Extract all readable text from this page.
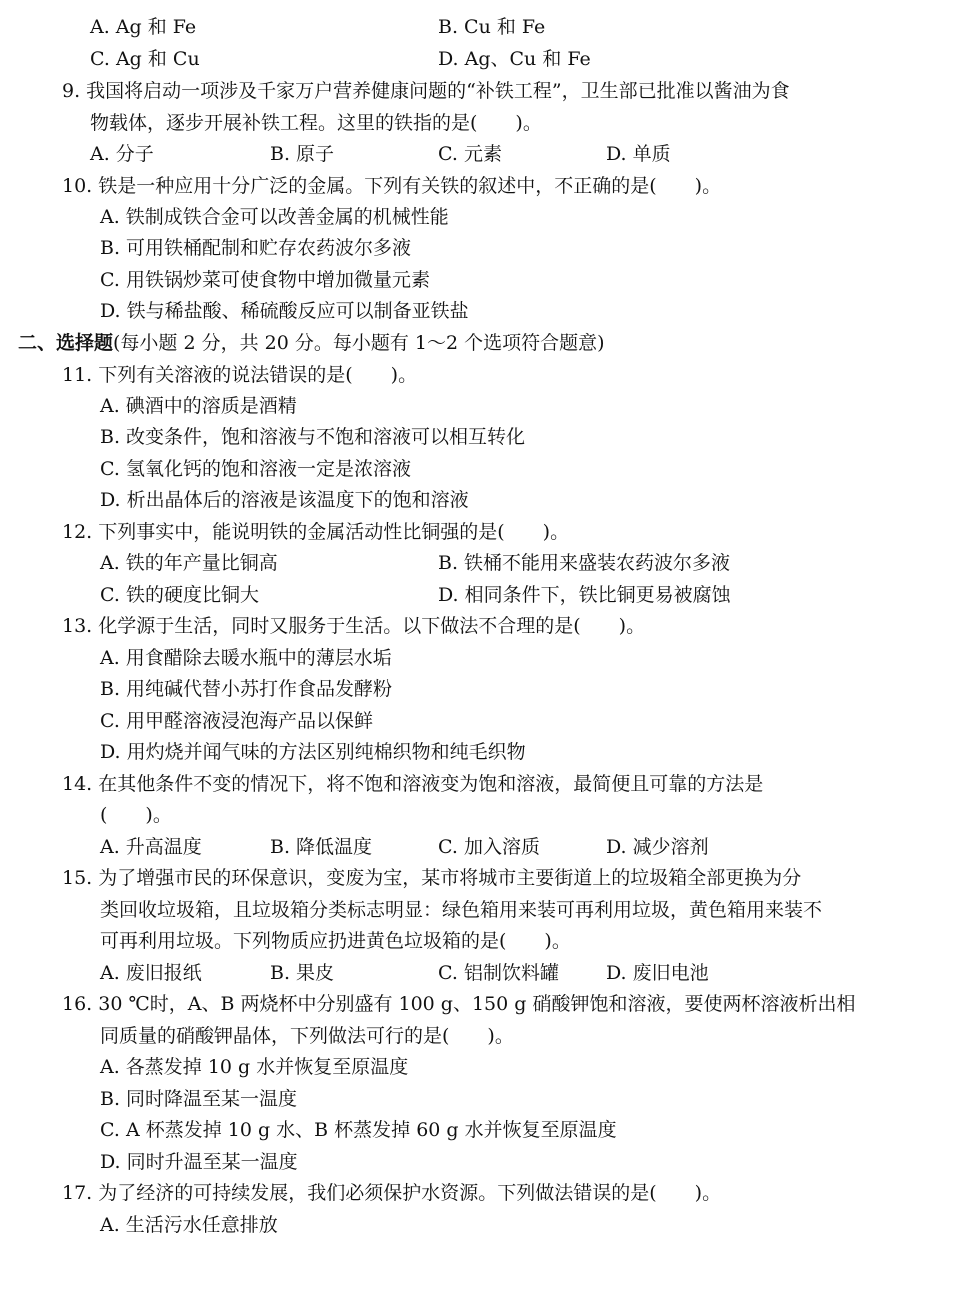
A. Ag 和 Fe	B. Cu 和 Fe
C. Ag 和 Cu	D. Ag、Cu 和 Fe
9. 我国将启动一项涉及千家万户营养健康问题的“补铁工程”，卫生部已批准以酱油为食
物载体，逐步开展补铁工程。这里的铁指的是(　　)。
A. 分子	B. 原子	C. 元素	D. 单质
10. 铁是一种应用十分广泛的金属。下列有关铁的叙述中，不正确的是(　　)。
A. 铁制成铁合金可以改善金属的机械性能
B. 可用铁桶配制和贮存农药波尔多液
C. 用铁锅炒菜可使食物中增加微量元素
D. 铁与稀盐酸、稀硫酸反应可以制备亚铁盐
二、选择题(每小题 2 分，共 20 分。每小题有 1～2 个选项符合题意)
11. 下列有关溶液的说法错误的是(　　)。
A. 碘酒中的溶质是酒精
B. 改变条件，饱和溶液与不饱和溶液可以相互转化
C. 氢氧化钙的饱和溶液一定是浓溶液
D. 析出晶体后的溶液是该温度下的饱和溶液
12. 下列事实中，能说明铁的金属活动性比铜强的是(　　)。
A. 铁的年产量比铜高	B. 铁桶不能用来盛装农药波尔多液
C. 铁的硬度比铜大	D. 相同条件下，铁比铜更易被腐蚀
13. 化学源于生活，同时又服务于生活。以下做法不合理的是(　　)。
A. 用食醋除去暖水瓶中的薄层水垢
B. 用纯碱代替小苏打作食品发酵粉
C. 用甲醛溶液浸泡海产品以保鲜
D. 用灼烧并闻气味的方法区别纯棉织物和纯毛织物
14. 在其他条件不变的情况下，将不饱和溶液变为饱和溶液，最简便且可靠的方法是
(　　)。
A. 升高温度	B. 降低温度	C. 加入溶质	D. 减少溶剂
15. 为了增强市民的环保意识，变废为宝，某市将城市主要街道上的垃圾箱全部更换为分
类回收垃圾箱，且垃圾箱分类标志明显：绿色箱用来装可再利用垃圾，黄色箱用来装不
可再利用垃圾。下列物质应扔进黄色垃圾箱的是(　　)。
A. 废旧报纸	B. 果皮	C. 铝制饮料罐 D. 废旧电池
16. 30 ℃时，A、B 两烧杯中分别盛有 100 g、150 g 硝酸钾饱和溶液，要使两杯溶液析出相
同质量的硝酸钾晶体，下列做法可行的是(　　)。
A. 各蒸发掉 10 g 水并恢复至原温度
B. 同时降温至某一温度
C. A 杯蒸发掉 10 g 水、B 杯蒸发掉 60 g 水并恢复至原温度
D. 同时升温至某一温度
17. 为了经济的可持续发展，我们必须保护水资源。下列做法错误的是(　　)。
A. 生活污水任意排放
